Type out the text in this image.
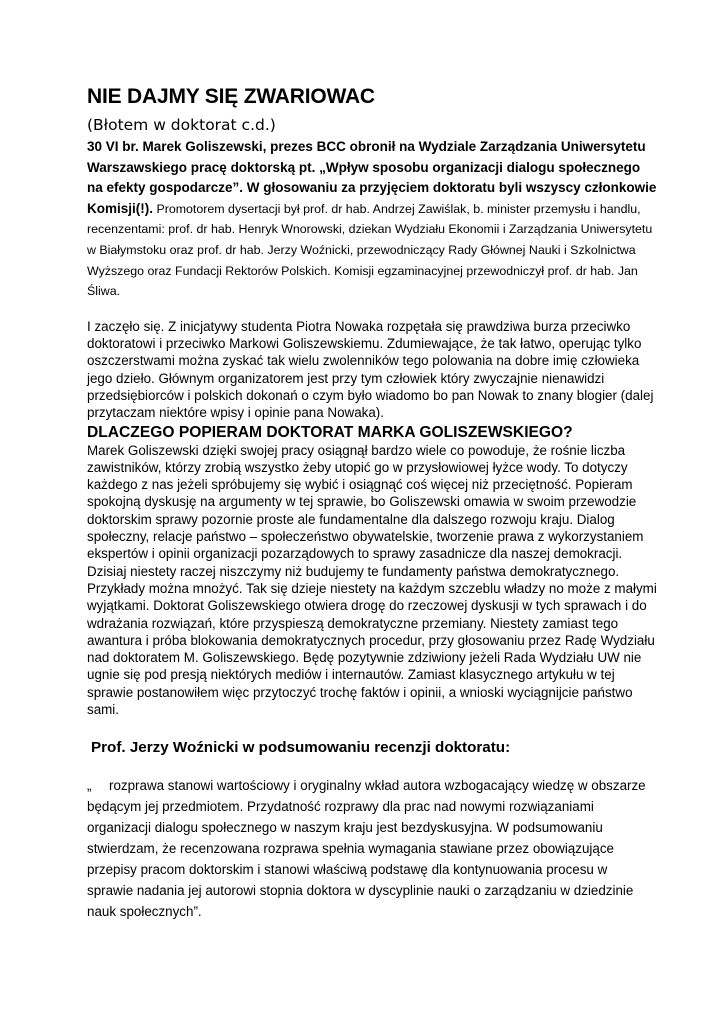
NIE DAJMY SIĘ ZWARIOWAC
(Błotem w doktorat c.d.)

30 VI br. Marek Goliszewski, prezes BCC obronił na Wydziale Zarządzania Uniwersytetu Warszawskiego pracę doktorską pt. „Wpływ sposobu organizacji dialogu społecznego na efekty gospodarcze”. W głosowaniu za przyjęciem doktoratu byli wszyscy członkowie Komisji(!). Promotorem dysertacji był prof. dr hab. Andrzej Zawiślak, b. minister przemysłu i handlu, recenzentami: prof. dr hab. Henryk Wnorowski, dziekan Wydziału Ekonomii i Zarządzania Uniwersytetu w Białymstoku oraz prof. dr hab. Jerzy Woźnicki, przewodniczący Rady Głównej Nauki i Szkolnictwa Wyższego oraz Fundacji Rektorów Polskich. Komisji egzaminacyjnej przewodniczył prof. dr hab. Jan Śliwa.

I zaczęło się. Z inicjatywy studenta Piotra Nowaka rozpętała się prawdziwa burza przeciwko doktoratowi i przeciwko Markowi Goliszewskiemu. Zdumiewające, że tak łatwo, operując tylko oszczerstwami można zyskać tak wielu zwolenników tego polowania na dobre imię człowieka jego dzieło. Głównym organizatorem jest przy tym człowiek który zwyczajnie nienawidzi przedsiębiorców i polskich dokonań o czym było wiadomo bo pan Nowak to znany blogier (dalej przytaczam niektóre wpisy i opinie pana Nowaka).

DLACZEGO POPIERAM DOKTORAT MARKA GOLISZEWSKIEGO?

Marek Goliszewski dzięki swojej pracy osiągnął bardzo wiele co powoduje, że rośnie liczba zawistników, którzy zrobią wszystko żeby utopić go w przysłowiowej łyżce wody. To dotyczy każdego z nas jeżeli spróbujemy się wybić i osiągnąć coś więcej niż przeciętność. Popieram spokojną dyskusję na argumenty w tej sprawie, bo Goliszewski omawia w swoim przewodzie doktorskim sprawy pozornie proste ale fundamentalne dla dalszego rozwoju kraju. Dialog społeczny, relacje państwo – społeczeństwo obywatelskie, tworzenie prawa z wykorzystaniem ekspertów i opinii organizacji pozarządowych to sprawy zasadnicze dla naszej demokracji. Dzisiaj niestety raczej niszczymy niż budujemy te fundamenty państwa demokratycznego. Przykłady można mnożyć. Tak się dzieje niestety na każdym szczeblu władzy no może z małymi wyjątkami. Doktorat Goliszewskiego otwiera drogę do rzeczowej dyskusji w tych sprawach i do wdrażania rozwiązań, które przyspieszą demokratyczne przemiany. Niestety zamiast tego awantura i próba blokowania demokratycznych procedur, przy głosowaniu przez Radę Wydziału nad doktoratem M. Goliszewskiego. Będę pozytywnie zdziwiony jeżeli Rada Wydziału UW nie ugnie się pod presją niektórych mediów i internautów. Zamiast klasycznego artykułu w tej sprawie postanowiłem więc przytoczyć trochę faktów i opinii, a wnioski wyciągnijcie państwo sami.

Prof. Jerzy Woźnicki w podsumowaniu recenzji doktoratu:

„ rozprawa stanowi wartościowy i oryginalny wkład autora wzbogacający wiedzę w obszarze będącym jej przedmiotem. Przydatność rozprawy dla prac nad nowymi rozwiązaniami organizacji dialogu społecznego w naszym kraju jest bezdyskusyjna. W podsumowaniu stwierdzam, że recenzowana rozprawa spełnia wymagania stawiane przez obowiązujące przepisy pracom doktorskim i stanowi właściwą podstawę dla kontynuowania procesu w sprawie nadania jej autorowi stopnia doktora w dyscyplinie nauki o zarządzaniu w dziedzinie nauk społecznych”.
